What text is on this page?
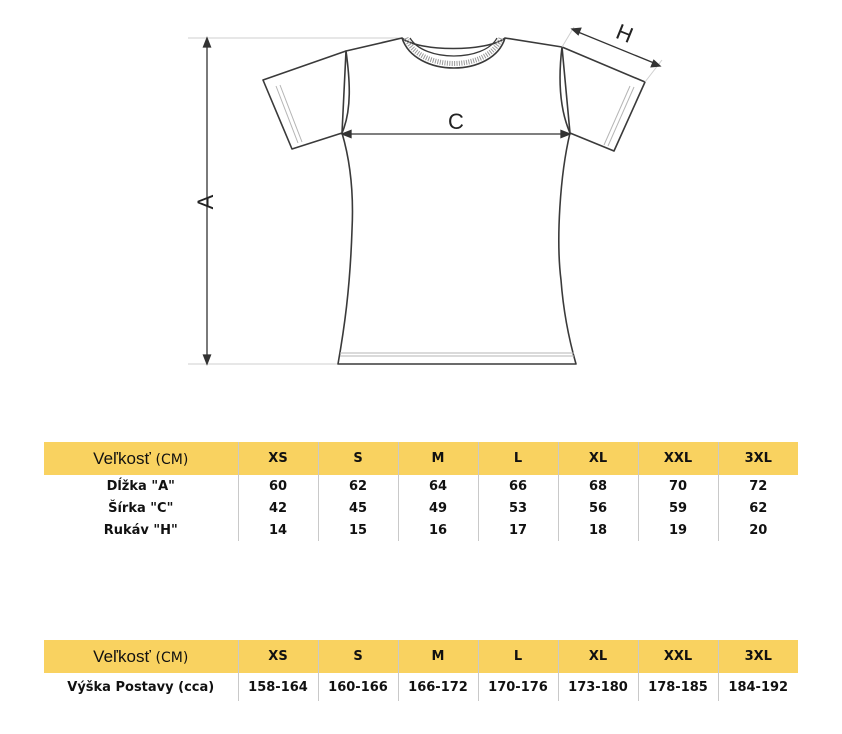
A
C
H
Veľkosť (CM)	XS	S	M	L	XL	XXL	3XL
Dĺžka "A"	60	62	64	66	68	70	72
Šírka "C"	42	45	49	53	56	59	62
Rukáv "H"	14	15	16	17	18	19	20
Veľkosť (CM)	XS	S	M	L	XL	XXL	3XL
Výška Postavy (cca)	158-164	160-166	166-172	170-176	173-180	178-185	184-192
